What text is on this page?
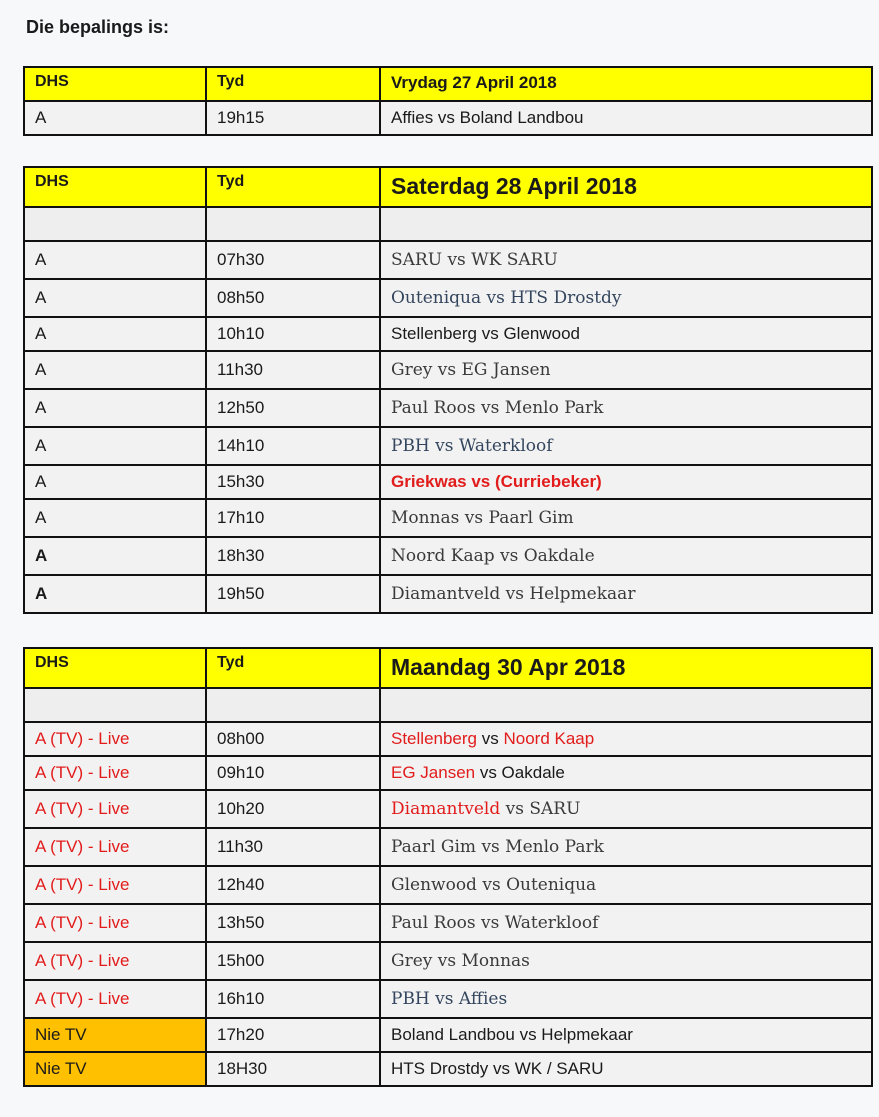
Die bepalings is:

DHS	Tyd	Vrydag 27 April 2018
A	19h15	Affies vs Boland Landbou
DHS	Tyd	Saterdag 28 April 2018

A	07h30	SARU vs WK SARU
A	08h50	Outeniqua vs HTS Drostdy
A	10h10	Stellenberg vs Glenwood
A	11h30	Grey vs EG Jansen
A	12h50	Paul Roos vs Menlo Park
A	14h10	PBH vs Waterkloof
A	15h30	Griekwas vs (Curriebeker)
A	17h10	Monnas vs Paarl Gim
A	18h30	Noord Kaap vs Oakdale
A	19h50	Diamantveld vs Helpmekaar
DHS	Tyd	Maandag 30 Apr 2018

A (TV) - Live	08h00	Stellenberg vs Noord Kaap
A (TV) - Live	09h10	EG Jansen vs Oakdale
A (TV) - Live	10h20	Diamantveld vs SARU
A (TV) - Live	11h30	Paarl Gim vs Menlo Park
A (TV) - Live	12h40	Glenwood vs Outeniqua
A (TV) - Live	13h50	Paul Roos vs Waterkloof
A (TV) - Live	15h00	Grey vs Monnas
A (TV) - Live	16h10	PBH vs Affies
Nie TV	17h20	Boland Landbou vs Helpmekaar
Nie TV	18H30	HTS Drostdy vs WK / SARU
